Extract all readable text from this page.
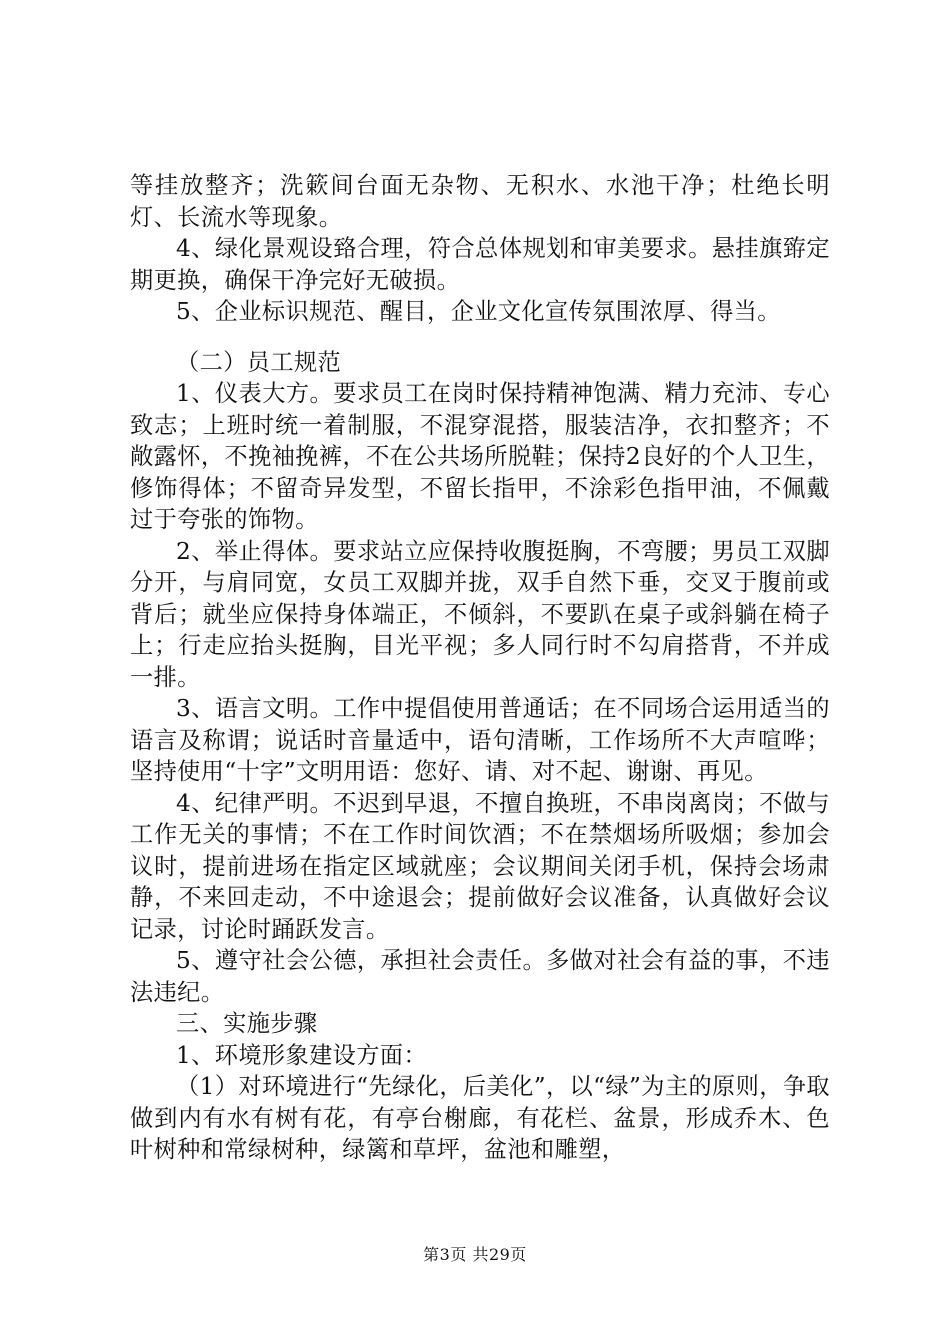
等挂放整齐；洗簌间台面无杂物、无积水、水池干净；杜绝长明灯、长流水等现象。

4、绿化景观设臵合理，符合总体规划和审美要求。悬挂旗臶定期更换，确保干净完好无破损。

5、企业标识规范、醒目，企业文化宣传氛围浓厚、得当。

（二）员工规范

1、仪表大方。要求员工在岗时保持精神饱满、精力充沛、专心致志；上班时统一着制服，不混穿混搭，服装洁净，衣扣整齐；不敞露怀，不挽袖挽裤，不在公共场所脱鞋；保持2良好的个人卫生，修饰得体；不留奇异发型，不留长指甲，不涂彩色指甲油，不佩戴过于夸张的饰物。

2、举止得体。要求站立应保持收腹挺胸，不弯腰；男员工双脚分开，与肩同宽，女员工双脚并拢，双手自然下垂，交叉于腹前或背后；就坐应保持身体端正，不倾斜，不要趴在桌子或斜躺在椅子上；行走应抬头挺胸，目光平视；多人同行时不勾肩搭背，不并成一排。

3、语言文明。工作中提倡使用普通话；在不同场合运用适当的语言及称谓；说话时音量适中，语句清晰，工作场所不大声喧哗；坚持使用“十字”文明用语：您好、请、对不起、谢谢、再见。

4、纪律严明。不迟到早退，不擅自换班，不串岗离岗；不做与工作无关的事情；不在工作时间饮酒；不在禁烟场所吸烟；参加会议时，提前进场在指定区域就座；会议期间关闭手机，保持会场肃静，不来回走动，不中途退会；提前做好会议准备，认真做好会议记录，讨论时踊跃发言。

5、遵守社会公德，承担社会责任。多做对社会有益的事，不违法违纪。

三、实施步骤

1、环境形象建设方面：

（1）对环境进行“先绿化，后美化”，以“绿”为主的原则，争取做到内有水有树有花，有亭台榭廊，有花栏、盆景，形成乔木、色叶树种和常绿树种，绿篱和草坪，盆池和雕塑，

第3页 共29页
